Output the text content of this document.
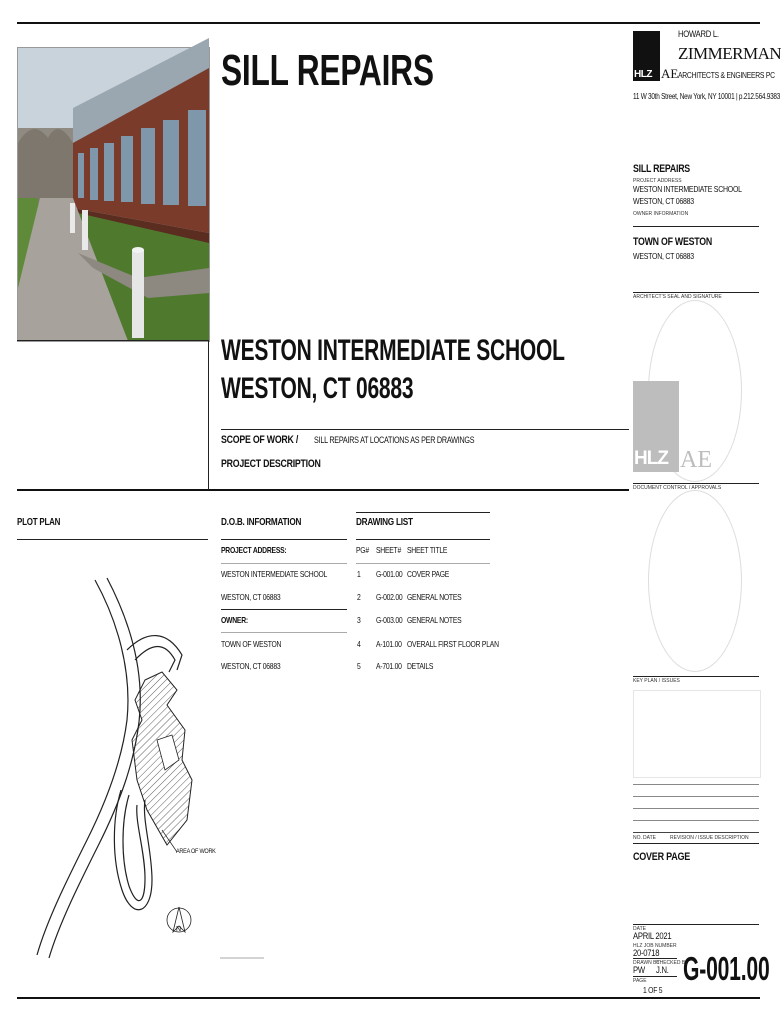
SILL REPAIRS
HOWARD L.
HLZ AE
ZIMMERMAN
ARCHITECTS & ENGINEERS PC
11 W 30th Street, New York, NY 10001 | p.212.564.9383
SILL REPAIRS
PROJECT ADDRESS
WESTON INTERMEDIATE SCHOOL
WESTON, CT 06883
OWNER INFORMATION
TOWN OF WESTON
WESTON, CT 06883
ARCHITECT'S SEAL AND SIGNATURE
HLZ AE
DOCUMENT CONTROL / APPROVALS
KEY PLAN / ISSUES
NO. DATE	REVISION / ISSUE DESCRIPTION
COVER PAGE
DATE
APRIL 2021
HLZ JOB NUMBER
20-0718
DRAWN BY
CHECKED BY
PW J.N.
PAGE
1 OF 5
G-001.00
WESTON INTERMEDIATE SCHOOL
WESTON, CT 06883
SCOPE OF WORK /
PROJECT DESCRIPTION
SILL REPAIRS AT LOCATIONS AS PER DRAWINGS
PLOT PLAN
AREA OF WORK
N
D.O.B. INFORMATION
PROJECT ADDRESS:
WESTON INTERMEDIATE SCHOOL
WESTON, CT 06883
OWNER:
TOWN OF WESTON
WESTON, CT 06883
DRAWING LIST
PG# SHEET# SHEET TITLE
1 G-001.00 COVER PAGE
2 G-002.00 GENERAL NOTES
3 G-003.00 GENERAL NOTES
4 A-101.00 OVERALL FIRST FLOOR PLAN
5 A-701.00 DETAILS
